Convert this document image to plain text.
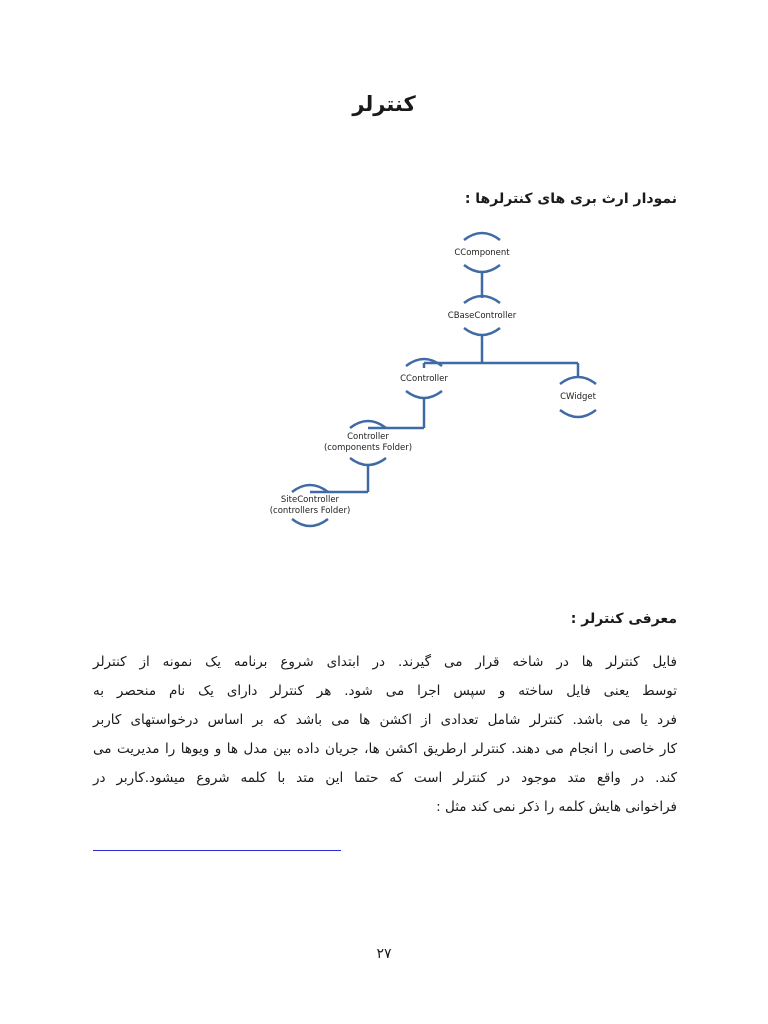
کنترلر
نمودار ارث بری های کنترلرها :
CComponent
CBaseController
CController
CWidget
Controller
(components Folder)
SiteController
(controllers Folder)
معرفی کنترلر :
فایل کنترلر ها در شاخه قرار می گیرند. در ابتدای شروع برنامه یک نمونه از کنترلر
توسط یعنی فایل ساخته و سپس اجرا می شود. هر کنترلر دارای یک نام منحصر به
فرد یا می باشد. کنترلر شامل تعدادی از اکشن ها می باشد که بر اساس درخواستهای کاربر
کار خاصی را انجام می دهند. کنترلر ارطریق اکشن ها، جریان داده بین مدل ها و ویوها را مدیریت می
کند. در واقع متد موجود در کنترلر است که حتما این متد با کلمه شروع میشود.کاربر در
فراخوانی هایش کلمه را ذکر نمی کند مثل :

۲۷
